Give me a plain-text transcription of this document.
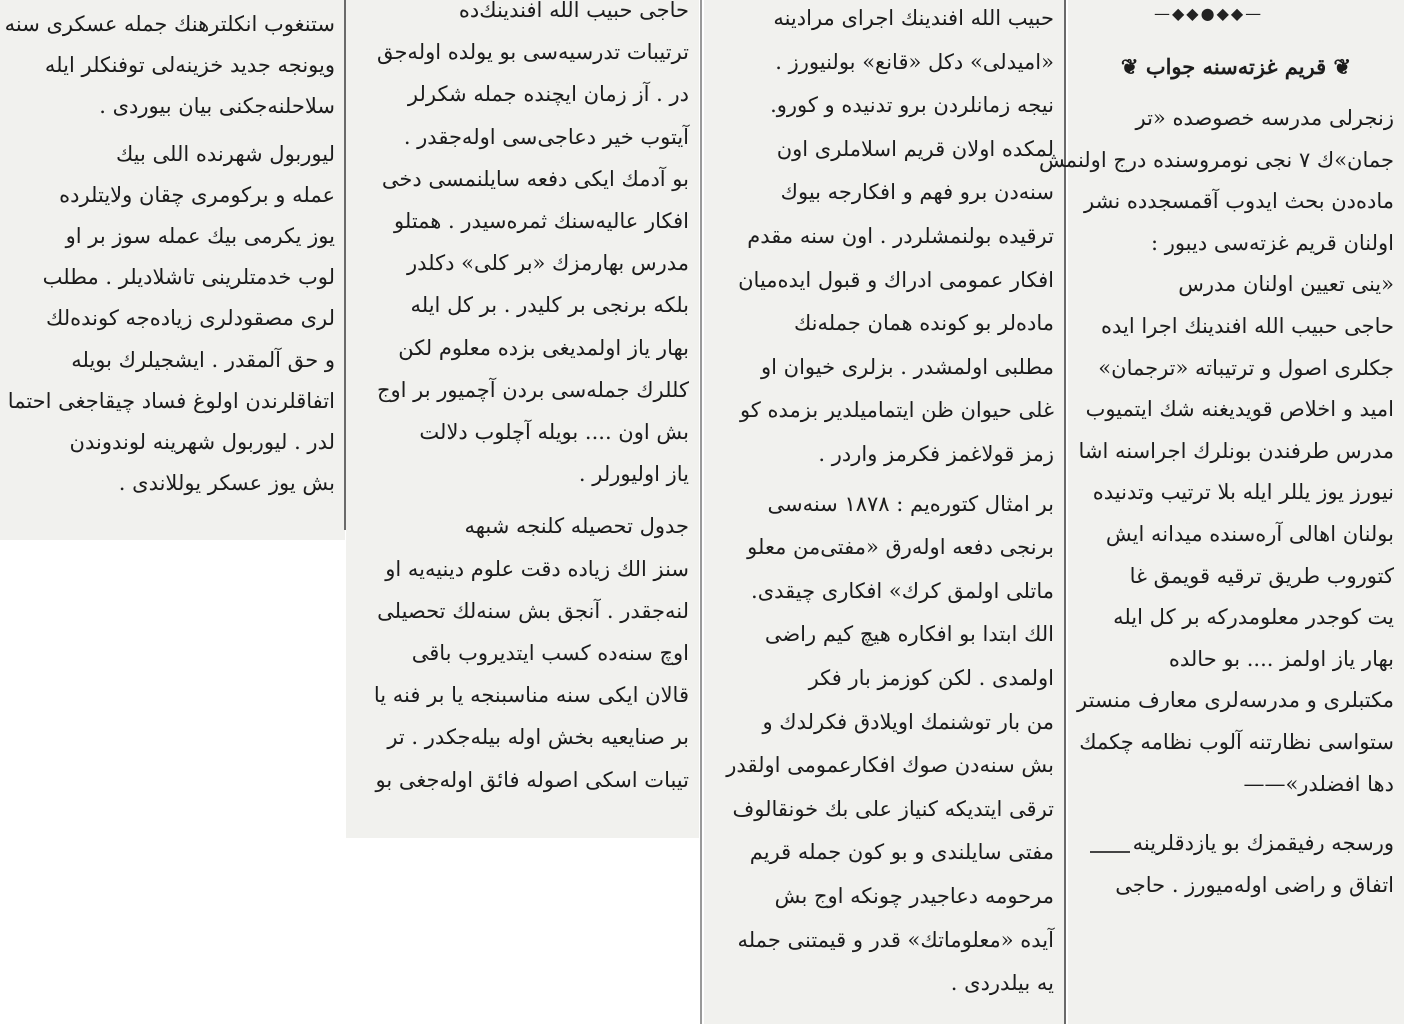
ستنغوب انکلترهنك جمله عسکری سنه
ویونجه جدید خزینه‌لی توفنکلر ایله
سلاحلنه‌جکنی بیان بیوردی .
لیوربول شهرنده اللی بیك
عمله و برکومری چقان ولایتلرده
یوز یکرمی بیك عمله سوز بر او
لوب خدمتلرینی تاشلادیلر . مطلب
لری مصقودلری زیاده‌جه کونده‌لك
و حق آلمقدر . ایشجیلرك بویله
اتفاقلرندن اولوغ فساد چیقاجغی احتما
لدر . لیوربول شهرینه لوندوندن
بش یوز عسکر یوللاندی .
حاجی حبیب الله افندینك‌ده
ترتیبات تدرسیه‌سی بو یولده اوله‌جق
در . آز زمان ایچنده جمله شکرلر
آیتوب خیر دعاجی‌سی اوله‌جقدر .
بو آدمك ایکی دفعه سایلنمسی دخی
افکار عالیه‌سنك ثمره‌سیدر . همتلو
مدرس بهارمزك «بر کلی» دکلدر
بلکه برنجی بر کلیدر . بر کل ایله
بهار یاز اولمدیغی بزده معلوم لکن
کللرك جمله‌سی بردن آچمیور بر اوج
بش اون .... بویله آچلوب دلالت
یاز اولیورلر .
جدول تحصیله کلنجه شبهه
سنز الك زیاده دقت علوم دینیه‌یه او
لنه‌جقدر . آنجق بش سنه‌لك تحصیلی
اوچ سنه‌ده کسب ایتدیروب باقی
قالان ایکی سنه مناسبنجه یا بر فنه یا
بر صنایعیه بخش اوله بیله‌جکدر . تر
تیبات اسکی اصوله فائق اوله‌جغی بو
حبیب الله افندینك اجرای مرادینه
«امیدلی» دکل «قانع» بولنیورز .
نیجه زمانلردن برو تدنیده و کورو.
لمکده اولان قریم اسلاملری اون
سنه‌دن برو فهم و افکارجه بیوك
ترقیده بولنمشلردر . اون سنه مقدم
افکار عمومی ادراك و قبول ایده‌میان
ماده‌لر بو کونده همان جمله‌نك
مطلبی اولمشدر . بزلری خیوان او
غلی حیوان ظن ایتمامیلدیر بزمده کو
زمز قولاغمز فکرمز واردر .
بر امثال کتوره‌یم : ۱۸۷۸ سنه‌سی
برنجی دفعه اوله‌رق «مفتی‌من معلو
ماتلی اولمق کرك» افکاری چیقدی.
الك ابتدا بو افکاره هیچ کیم راضی
اولمدی . لکن کوزمز بار فکر
من بار توشنمك اویلادق فکرلدك و
بش سنه‌دن صوك افکارعمومی اولقدر
ترقی ایتدیکه کنیاز علی بك خونقالوف
مفتی سایلندی و بو کون جمله قریم
مرحومه دعاجیدر چونکه اوج بش
آیده «معلوماتك» قدر و قیمتنی جمله
یه بیلدردی .
—◆◆●◆◆—
❦ قریم غزته‌سنه جواب ❦
زنجرلی مدرسه خصوصده «تر
جمان»ك ۷ نجی نومروسنده درج اولنمش
ماده‌دن بحث ایدوب آقمسجدده نشر
اولنان قریم غزته‌سی دیبور :
«ینی تعیین اولنان مدرس
حاجی حبیب الله افندینك اجرا ایده
جکلری اصول و ترتیباته «ترجمان»
امید و اخلاص قویدیغنه شك ایتمیوب
مدرس طرفندن بونلرك اجراسنه اشا
نیورز یوز یللر ایله بلا ترتیب وتدنیده
بولنان اهالی آره‌سنده میدانه ایش
کتوروب طریق ترقیه قویمق غا
یت کوجدر معلومدرکه بر کل ایله
بهار یاز اولمز .... بو حالده
مکتبلری و مدرسه‌لری معارف منستر
ستواسی نظارتنه آلوب نظامه چکمك
دها افضلدر»——
ورسجه رفیقمزك بو یازدقلرینه
اتفاق و راضی اوله‌میورز . حاجی
